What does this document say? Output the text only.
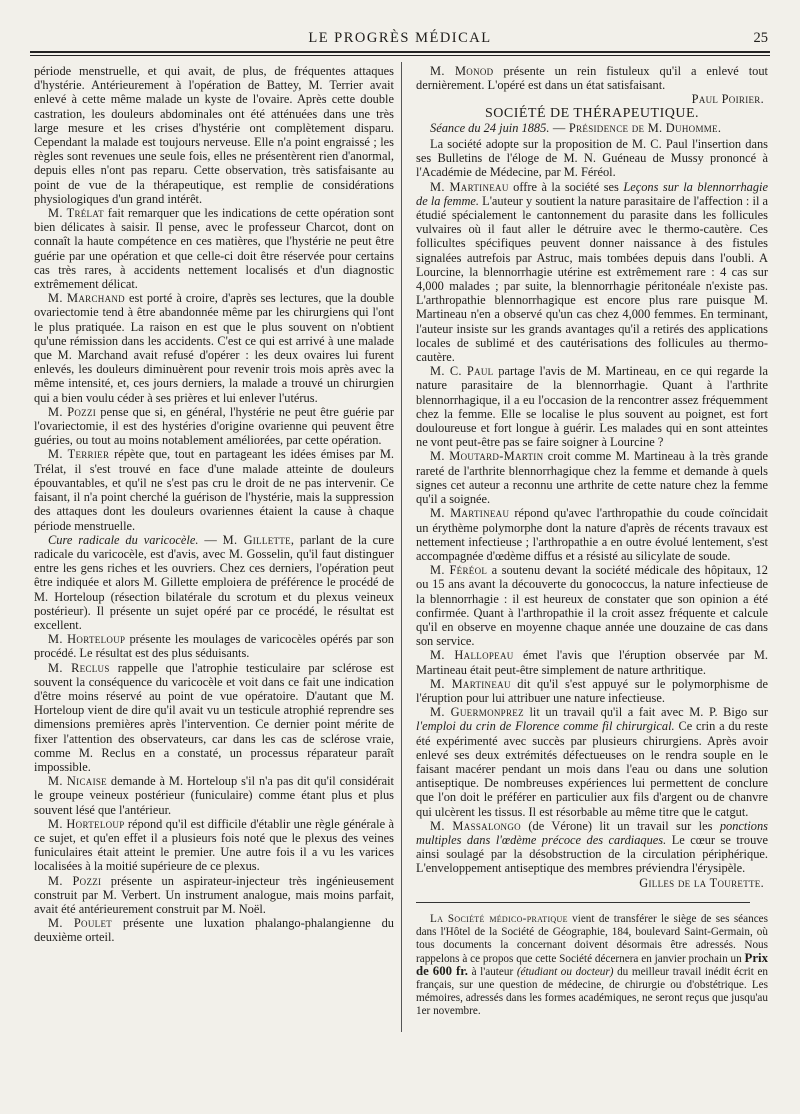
LE PROGRÈS MÉDICAL	25

période menstruelle, et qui avait, de plus, de fréquentes attaques d'hystérie. Antérieurement à l'opération de Battey, M. Terrier avait enlevé à cette même malade un kyste de l'ovaire. Après cette double castration, les douleurs abdominales ont été atténuées dans une très large mesure et les crises d'hystérie ont complètement disparu. Cependant la malade est toujours nerveuse. Elle n'a point engraissé ; les règles sont revenues une seule fois, elles ne présentèrent rien d'anormal, depuis elles n'ont pas reparu. Cette observation, très satisfaisante au point de vue de la thérapeutique, est remplie de considérations physiologiques d'un grand intérêt.

M. Trélat fait remarquer que les indications de cette opération sont bien délicates à saisir. Il pense, avec le professeur Charcot, dont on connaît la haute compétence en ces matières, que l'hystérie ne peut être guérie par une opération et que celle-ci doit être réservée pour certains cas très rares, à accidents nettement localisés et d'un diagnostic extrêmement délicat.

M. Marchand est porté à croire, d'après ses lectures, que la double ovariectomie tend à être abandonnée même par les chirurgiens qui l'ont le plus pratiquée. La raison en est que le plus souvent on n'obtient qu'une rémission dans les accidents. C'est ce qui est arrivé à une malade que M. Marchand avait refusé d'opérer : les deux ovaires lui furent enlevés, les douleurs diminuèrent pour revenir trois mois après avec la même intensité, et, ces jours derniers, la malade a trouvé un chirurgien qui a bien voulu céder à ses prières et lui enlever l'utérus.

M. Pozzi pense que si, en général, l'hystérie ne peut être guérie par l'ovariectomie, il est des hystéries d'origine ovarienne qui peuvent être guéries, ou tout au moins notablement améliorées, par cette opération.

M. Terrier répète que, tout en partageant les idées émises par M. Trélat, il s'est trouvé en face d'une malade atteinte de douleurs épouvantables, et qu'il ne s'est pas cru le droit de ne pas intervenir. Ce faisant, il n'a point cherché la guérison de l'hystérie, mais la suppression des attaques dont les douleurs ovariennes étaient la cause à chaque période menstruelle.

Cure radicale du varicocèle. — M. Gillette, parlant de la cure radicale du varicocèle, est d'avis, avec M. Gosselin, qu'il faut distinguer entre les gens riches et les ouvriers. Chez ces derniers, l'opération peut être indiquée et alors M. Gillette emploiera de préférence le procédé de M. Horteloup (résection bilatérale du scrotum et du plexus veineux postérieur). Il présente un sujet opéré par ce procédé, le résultat est excellent.

M. Horteloup présente les moulages de varicocèles opérés par son procédé. Le résultat est des plus séduisants.

M. Reclus rappelle que l'atrophie testiculaire par sclérose est souvent la conséquence du varicocèle et voit dans ce fait une indication d'être moins réservé au point de vue opératoire. D'autant que M. Horteloup vient de dire qu'il avait vu un testicule atrophié reprendre ses dimensions premières après l'intervention. Ce dernier point mérite de fixer l'attention des observateurs, car dans les cas de sclérose vraie, comme M. Reclus en a constaté, un processus réparateur paraît impossible.

M. Nicaise demande à M. Horteloup s'il n'a pas dit qu'il considérait le groupe veineux postérieur (funiculaire) comme étant plus et plus souvent lésé que l'antérieur.

M. Horteloup répond qu'il est difficile d'établir une règle générale à ce sujet, et qu'en effet il a plusieurs fois noté que le plexus des veines funiculaires était atteint le premier. Une autre fois il a vu les varices localisées à la moitié supérieure de ce plexus.

M. Pozzi présente un aspirateur-injecteur très ingénieusement construit par M. Verbert. Un instrument analogue, mais moins parfait, avait été antérieurement construit par M. Noël.

M. Poulet présente une luxation phalango-phalangienne du deuxième orteil.

M. Monod présente un rein fistuleux qu'il a enlevé tout dernièrement. L'opéré est dans un état satisfaisant.

Paul Poirier.

SOCIÉTÉ DE THÉRAPEUTIQUE.

Séance du 24 juin 1885. — Présidence de M. Duhomme.

La société adopte sur la proposition de M. C. Paul l'insertion dans ses Bulletins de l'éloge de M. N. Guéneau de Mussy prononcé à l'Académie de Médecine, par M. Féréol.

M. Martineau offre à la société ses Leçons sur la blennorrhagie de la femme. L'auteur y soutient la nature parasitaire de l'affection : il a étudié spécialement le cantonnement du parasite dans les follicules vulvaires où il faut aller le détruire avec le thermo-cautère. Ces follicultes spécifiques peuvent donner naissance à des fistules signalées autrefois par Astruc, mais tombées depuis dans l'oubli. A Lourcine, la blennorrhagie utérine est extrêmement rare : 4 cas sur 4,000 malades ; par suite, la blennorrhagie péritonéale n'existe pas. L'arthropathie blennorrhagique est encore plus rare puisque M. Martineau n'en a observé qu'un cas chez 4,000 femmes. En terminant, l'auteur insiste sur les grands avantages qu'il a retirés des applications locales de sublimé et des cautérisations des follicules au thermo-cautère.

M. C. Paul partage l'avis de M. Martineau, en ce qui regarde la nature parasitaire de la blennorrhagie. Quant à l'arthrite blennorrhagique, il a eu l'occasion de la rencontrer assez fréquemment chez la femme. Elle se localise le plus souvent au poignet, est fort douloureuse et fort longue à guérir. Les malades qui en sont atteintes ne vont peut-être pas se faire soigner à Lourcine ?

M. Moutard-Martin croit comme M. Martineau à la très grande rareté de l'arthrite blennorrhagique chez la femme et demande à quels signes cet auteur a reconnu une arthrite de cette nature chez la femme qu'il a soignée.

M. Martineau répond qu'avec l'arthropathie du coude coïncidait un érythème polymorphe dont la nature d'après de récents travaux est nettement infectieuse ; l'arthropathie a en outre évolué lentement, s'est accompagnée d'œdème diffus et a résisté au silicylate de soude.

M. Féréol a soutenu devant la société médicale des hôpitaux, 12 ou 15 ans avant la découverte du gonococcus, la nature infectieuse de la blennorrhagie : il est heureux de constater que son opinion a été confirmée. Quant à l'arthropathie il la croit assez fréquente et calcule qu'il en observe en moyenne chaque année une douzaine de cas dans son service.

M. Hallopeau émet l'avis que l'éruption observée par M. Martineau était peut-être simplement de nature arthritique.

M. Martineau dit qu'il s'est appuyé sur le polymorphisme de l'éruption pour lui attribuer une nature infectieuse.

M. Guermonprez lit un travail qu'il a fait avec M. P. Bigo sur l'emploi du crin de Florence comme fil chirurgical. Ce crin a du reste été expérimenté avec succès par plusieurs chirurgiens. Après avoir enlevé ses deux extrémités défectueuses on le rendra souple en le faisant macérer pendant un mois dans l'eau ou dans une solution antiseptique. De nombreuses expériences lui permettent de conclure que l'on doit le préférer en particulier aux fils d'argent ou de chanvre qui ulcèrent les tissus. Il est résorbable au même titre que le catgut.

M. Massalongo (de Vérone) lit un travail sur les ponctions multiples dans l'œdème précoce des cardiaques. Le cœur se trouve ainsi soulagé par la désobstruction de la circulation périphérique. L'enveloppement antiseptique des membres préviendra l'érysipèle.

Gilles de la Tourette.

La Société médico-pratique vient de transférer le siège de ses séances dans l'Hôtel de la Société de Géographie, 184, boulevard Saint-Germain, où tous documents la concernant doivent désormais être adressés. Nous rappelons à ce propos que cette Société décernera en janvier prochain un Prix de 600 fr. à l'auteur (étudiant ou docteur) du meilleur travail inédit écrit en français, sur une question de médecine, de chirurgie ou d'obstétrique. Les mémoires, adressés dans les formes académiques, ne seront reçus que jusqu'au 1er novembre.
